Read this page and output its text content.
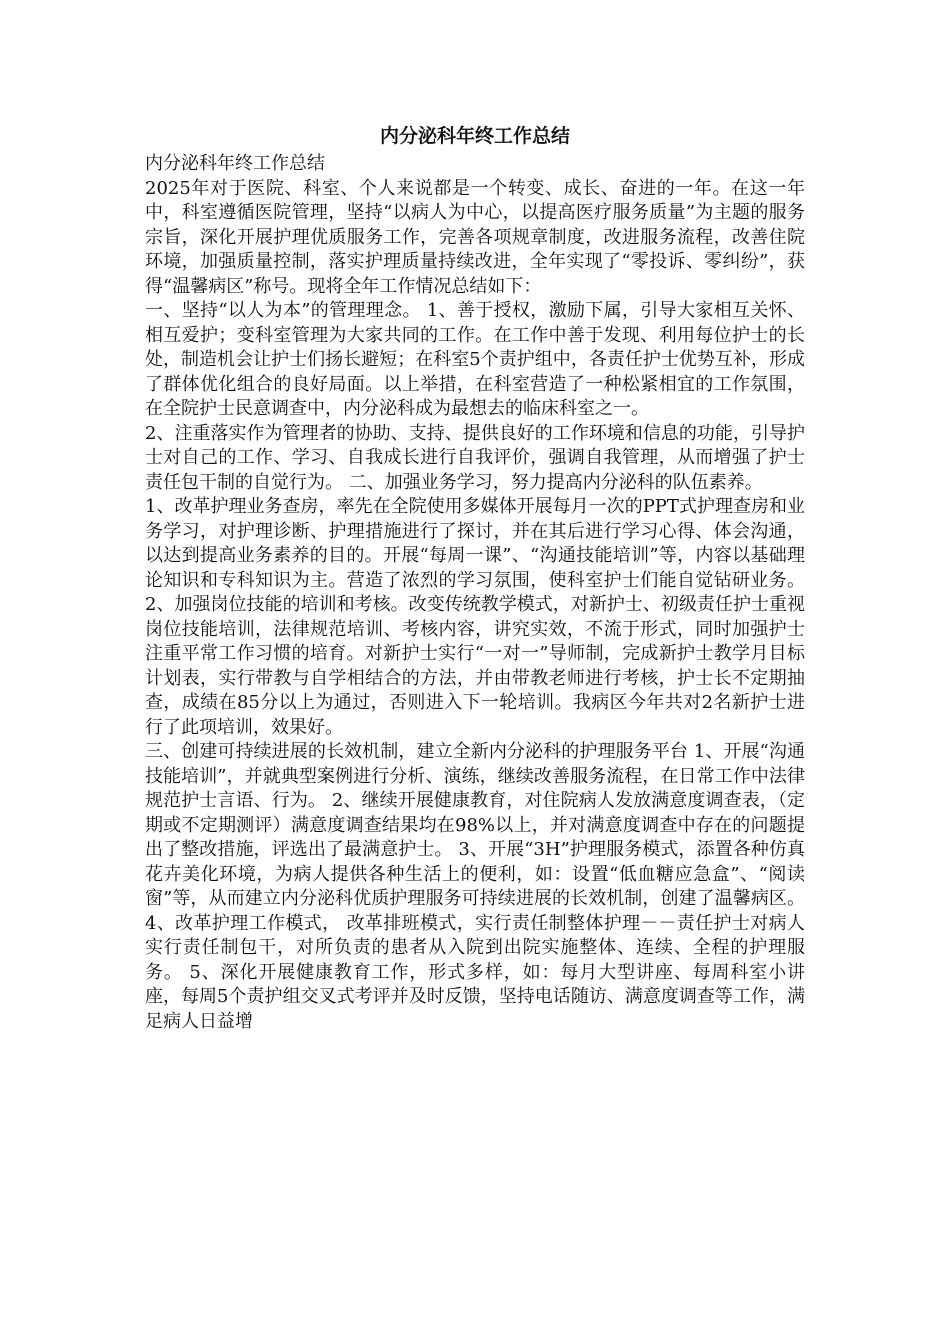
内分泌科年终工作总结

内分泌科年终工作总结

2025年对于医院、科室、个人来说都是一个转变、成长、奋进的一年。在这一年中，科室遵循医院管理，坚持“以病人为中心，以提高医疗服务质量”为主题的服务宗旨，深化开展护理优质服务工作，完善各项规章制度，改进服务流程，改善住院环境，加强质量控制，落实护理质量持续改进，全年实现了“零投诉、零纠纷”，获得“温馨病区”称号。现将全年工作情况总结如下：

一、坚持“以人为本”的管理理念。 1、善于授权，激励下属，引导大家相互关怀、相互爱护；变科室管理为大家共同的工作。在工作中善于发现、利用每位护士的长处，制造机会让护士们扬长避短；在科室5个责护组中，各责任护士优势互补，形成了群体优化组合的良好局面。以上举措，在科室营造了一种松紧相宜的工作氛围，在全院护士民意调查中，内分泌科成为最想去的临床科室之一。

2、注重落实作为管理者的协助、支持、提供良好的工作环境和信息的功能，引导护士对自己的工作、学习、自我成长进行自我评价，强调自我管理，从而增强了护士责任包干制的自觉行为。 二、加强业务学习，努力提高内分泌科的队伍素养。

1、改革护理业务查房，率先在全院使用多媒体开展每月一次的PPT式护理查房和业务学习，对护理诊断、护理措施进行了探讨，并在其后进行学习心得、体会沟通，以达到提高业务素养的目的。开展“每周一课”、“沟通技能培训”等，内容以基础理论知识和专科知识为主。营造了浓烈的学习氛围，使科室护士们能自觉钻研业务。 2、加强岗位技能的培训和考核。改变传统教学模式，对新护士、初级责任护士重视岗位技能培训，法律规范培训、考核内容，讲究实效，不流于形式，同时加强护士注重平常工作习惯的培育。对新护士实行“一对一”导师制，完成新护士教学月目标计划表，实行带教与自学相结合的方法，并由带教老师进行考核，护士长不定期抽查，成绩在85分以上为通过，否则进入下一轮培训。我病区今年共对2名新护士进行了此项培训，效果好。

三、创建可持续进展的长效机制，建立全新内分泌科的护理服务平台 1、开展“沟通技能培训”，并就典型案例进行分析、演练，继续改善服务流程，在日常工作中法律规范护士言语、行为。 2、继续开展健康教育，对住院病人发放满意度调查表，（定期或不定期测评）满意度调查结果均在98%以上，并对满意度调查中存在的问题提出了整改措施，评选出了最满意护士。 3、开展“3H”护理服务模式，添置各种仿真花卉美化环境，为病人提供各种生活上的便利，如：设置“低血糖应急盒”、“阅读窗”等，从而建立内分泌科优质护理服务可持续进展的长效机制，创建了温馨病区。 4、改革护理工作模式， 改革排班模式，实行责任制整体护理－－责任护士对病人实行责任制包干，对所负责的患者从入院到出院实施整体、连续、全程的护理服务。 5、深化开展健康教育工作，形式多样，如：每月大型讲座、每周科室小讲座，每周5个责护组交叉式考评并及时反馈，坚持电话随访、满意度调查等工作，满足病人日益增
